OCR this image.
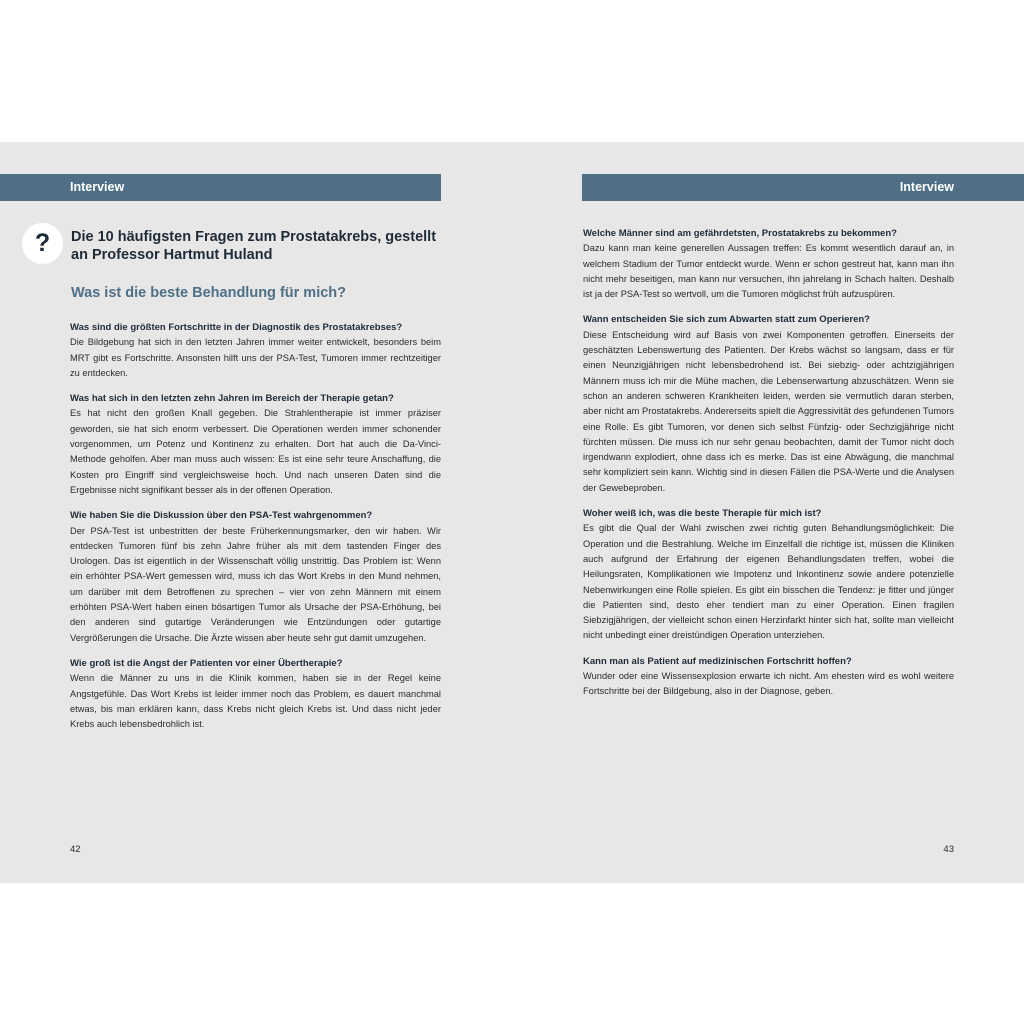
Interview
?	Die 10 häufigsten Fragen zum Prostatakrebs, gestellt an Professor Hartmut Huland
Was ist die beste Behandlung für mich?

Was sind die größten Fortschritte in der Diagnostik des Prostatakrebses?

Die Bildgebung hat sich in den letzten Jahren immer weiter entwickelt, besonders beim MRT gibt es Fortschritte. Ansonsten hilft uns der PSA-Test, Tumoren immer rechtzeitiger zu entdecken.

Was hat sich in den letzten zehn Jahren im Bereich der Therapie getan?

Es hat nicht den großen Knall gegeben. Die Strahlentherapie ist immer präziser geworden, sie hat sich enorm verbessert. Die Operationen werden immer schonender vorgenommen, um Potenz und Kontinenz zu erhalten. Dort hat auch die Da-Vinci-Methode geholfen. Aber man muss auch wissen: Es ist eine sehr teure Anschaffung, die Kosten pro Eingriff sind vergleichsweise hoch. Und nach unseren Daten sind die Ergebnisse nicht signifikant besser als in der offenen Operation.

Wie haben Sie die Diskussion über den PSA-Test wahrgenommen?

Der PSA-Test ist unbestritten der beste Früherkennungsmarker, den wir haben. Wir entdecken Tumoren fünf bis zehn Jahre früher als mit dem tastenden Finger des Urologen. Das ist eigentlich in der Wissenschaft völlig unstrittig. Das Problem ist: Wenn ein erhöhter PSA-Wert gemessen wird, muss ich das Wort Krebs in den Mund nehmen, um darüber mit dem Betroffenen zu sprechen – vier von zehn Männern mit einem erhöhten PSA-Wert haben einen bösartigen Tumor als Ursache der PSA-Erhöhung, bei den anderen sind gutartige Veränderungen wie Entzündungen oder gutartige Vergrößerungen die Ursache. Die Ärzte wissen aber heute sehr gut damit umzugehen.

Wie groß ist die Angst der Patienten vor einer Übertherapie?

Wenn die Männer zu uns in die Klinik kommen, haben sie in der Regel keine Angstgefühle. Das Wort Krebs ist leider immer noch das Problem, es dauert manchmal etwas, bis man erklären kann, dass Krebs nicht gleich Krebs ist. Und dass nicht jeder Krebs auch lebensbedrohlich ist.

42
Interview

Welche Männer sind am gefährdetsten, Prostatakrebs zu bekommen?

Dazu kann man keine generellen Aussagen treffen: Es kommt wesentlich darauf an, in welchem Stadium der Tumor entdeckt wurde. Wenn er schon gestreut hat, kann man ihn nicht mehr beseitigen, man kann nur versuchen, ihn jahrelang in Schach halten. Deshalb ist ja der PSA-Test so wertvoll, um die Tumoren möglichst früh aufzuspüren.

Wann entscheiden Sie sich zum Abwarten statt zum Operieren?

Diese Entscheidung wird auf Basis von zwei Komponenten getroffen. Einerseits der geschätzten Lebenswertung des Patienten. Der Krebs wächst so langsam, dass er für einen Neunzigjährigen nicht lebensbedrohend ist. Bei siebzig- oder achtzigjährigen Männern muss ich mir die Mühe machen, die Lebenserwartung abzuschätzen. Wenn sie schon an anderen schweren Krankheiten leiden, werden sie vermutlich daran sterben, aber nicht am Prostatakrebs. Andererseits spielt die Aggressivität des gefundenen Tumors eine Rolle. Es gibt Tumoren, vor denen sich selbst Fünfzig- oder Sechzigjährige nicht fürchten müssen. Die muss ich nur sehr genau beobachten, damit der Tumor nicht doch irgendwann explodiert, ohne dass ich es merke. Das ist eine Abwägung, die manchmal sehr kompliziert sein kann. Wichtig sind in diesen Fällen die PSA-Werte und die Analysen der Gewebeproben.

Woher weiß ich, was die beste Therapie für mich ist?

Es gibt die Qual der Wahl zwischen zwei richtig guten Behandlungsmöglichkeit: Die Operation und die Bestrahlung. Welche im Einzelfall die richtige ist, müssen die Kliniken auch aufgrund der Erfahrung der eigenen Behandlungsdaten treffen, wobei die Heilungsraten, Komplikationen wie Impotenz und Inkontinenz sowie andere potenzielle Nebenwirkungen eine Rolle spielen. Es gibt ein bisschen die Tendenz: je fitter und jünger die Patienten sind, desto eher tendiert man zu einer Operation. Einen fragilen Siebzigjährigen, der vielleicht schon einen Herzinfarkt hinter sich hat, sollte man vielleicht nicht unbedingt einer dreistündigen Operation unterziehen.

Kann man als Patient auf medizinischen Fortschritt hoffen?

Wunder oder eine Wissensexplosion erwarte ich nicht. Am ehesten wird es wohl weitere Fortschritte bei der Bildgebung, also in der Diagnose, geben.

43
